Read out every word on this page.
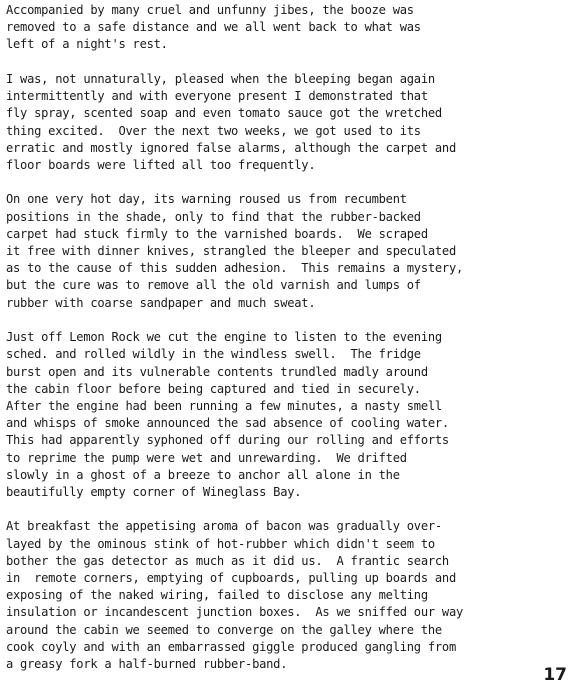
Accompanied by many cruel and unfunny jibes, the booze was
removed to a safe distance and we all went back to what was
left of a night's rest.
I was, not unnaturally, pleased when the bleeping began again
intermittently and with everyone present I demonstrated that
fly spray, scented soap and even tomato sauce got the wretched
thing excited.  Over the next two weeks, we got used to its
erratic and mostly ignored false alarms, although the carpet and
floor boards were lifted all too frequently.
On one very hot day, its warning roused us from recumbent
positions in the shade, only to find that the rubber-backed
carpet had stuck firmly to the varnished boards.  We scraped
it free with dinner knives, strangled the bleeper and speculated
as to the cause of this sudden adhesion.  This remains a mystery,
but the cure was to remove all the old varnish and lumps of
rubber with coarse sandpaper and much sweat.
Just off Lemon Rock we cut the engine to listen to the evening
sched. and rolled wildly in the windless swell.  The fridge
burst open and its vulnerable contents trundled madly around
the cabin floor before being captured and tied in securely.
After the engine had been running a few minutes, a nasty smell
and whisps of smoke announced the sad absence of cooling water.
This had apparently syphoned off during our rolling and efforts
to reprime the pump were wet and unrewarding.  We drifted
slowly in a ghost of a breeze to anchor all alone in the
beautifully empty corner of Wineglass Bay.
At breakfast the appetising aroma of bacon was gradually over-
layed by the ominous stink of hot-rubber which didn't seem to
bother the gas detector as much as it did us.  A frantic search
in  remote corners, emptying of cupboards, pulling up boards and
exposing of the naked wiring, failed to disclose any melting
insulation or incandescent junction boxes.  As we sniffed our way
around the cabin we seemed to converge on the galley where the
cook coyly and with an embarrassed giggle produced gangling from
a greasy fork a half-burned rubber-band.
17
